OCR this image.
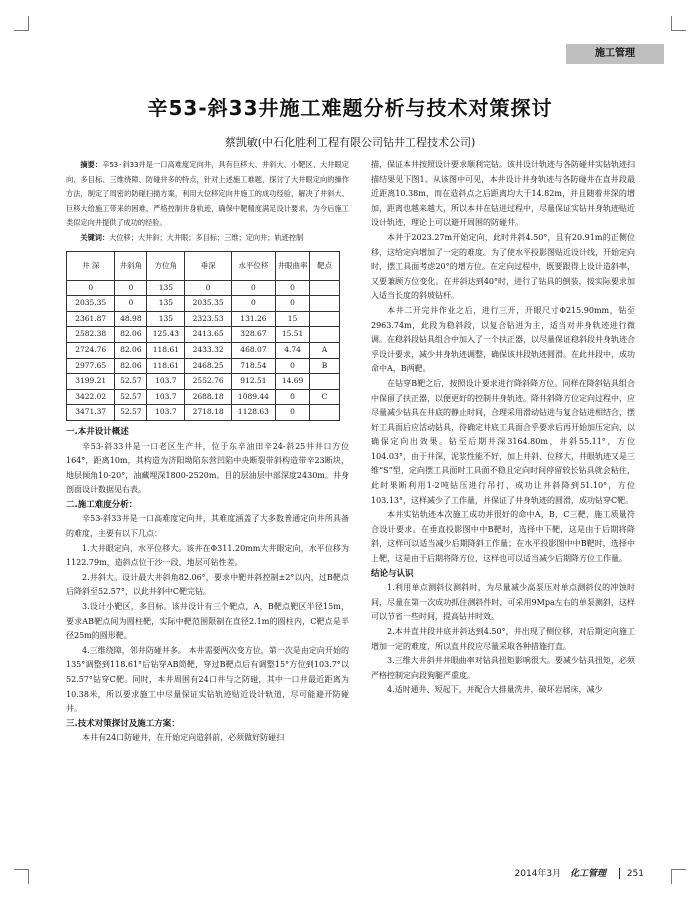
施工管理
辛53-斜33井施工难题分析与技术对策探讨
蔡凯敏(中石化胜利工程有限公司钻井工程技术公司)

摘要：辛53-斜33井是一口高难度定向井，具有巨移大、井斜大、小靶区、大井眼定向、多目标、三维绕障、防碰井多的特点，针对上述施工难题，探讨了大井眼定向的操作方法，制定了周密的防碰扫描方案，利用大位移定向井施工的成功经验，解决了井斜大、巨移大给施工带来的困难，严格控制井身轨迹，确保中靶精度满足设计要求，为今后施工类似定向井提供了成功的经验。

关键词：大位移；大井斜；大井眼；多目标；三维；定向井；轨迹控制

井 深	井斜角	方位角	垂深	水平位移	井眼曲率	靶点
0	0	135	0	0	0	
2035.35	0	135	2035.35	0	0	
2361.87	48.98	135	2323.53	131.26	15	
2582.38	82.06	125.43	2413.65	328.67	15.51	
2724.76	82.06	118.61	2433.32	468.07	4.74	A
2977.65	82.06	118.61	2468.25	718.54	0	B
3199.21	52.57	103.7	2552.76	912.51	14.69	
3422.02	52.57	103.7	2688.18	1089.44	0	C
3471.37	52.57	103.7	2718.18	1128.63	0	

一.本井设计概述

辛53-斜33井是一口老区生产井，位于东辛油田辛24-斜25井井口方位 164°，距离10m，其构造为济阳坳陷东营凹陷中央断裂带斜构造带辛23断块，地层倾角10-20°，油藏埋深1800-2520m。目的层油层中部深度2430m。井身剖面设计数据见右表。

二.施工难度分析：

辛53-斜33井是一口高难度定向井，其难度涵盖了大多数普通定向井所具备的难度，主要有以下几点：

1.大井眼定向，水平位移大。该井在Φ311.20mm大井眼定向，水平位移为1122.79m，造斜点位于沙一段，地层可钻性差。

2.井斜大。设计最大井斜角82.06°，要求中靶井斜控制±2°以内，过B靶点后降斜至52.57°，以此井斜中C靶完钻。

3.设计小靶区，多目标。该井设计有三个靶点，A，B靶点靶区半径15m，要求AB靶点间为圆柱靶，实际中靶范围限制在直径2.1m的圆柱内，C靶点是半径25m的圆形靶。

4.三维绕障，邻井防碰井多。 本井需要两次变方位，第一次是由定向开始的135°调整到118.61°后钻穿AB筒靶，穿过B靶点后有调整15°方位到103.7°以52.57°钻穿C靶。同时，本井周围有24口井与之防碰，其中一口井最近距离为10.38米，所以要求施工中尽量保证实钻轨迹贴近设计轨道，尽可能避开防碰井。

三.技术对策探讨及施工方案：

本井有24口防碰井，在开始定向造斜前，必须做好防碰扫

描，保证本井按照设计要求顺利完钻。该井设计轨迹与各防碰井实钻轨迹扫描结果见下图1。从该图中可见，本井设计井身轨迹与各防碰井在直井段最近距离10.38m，而在造斜点之后距离均大于14.82m，并且随着井深的增加，距离也越来越大，所以本井在钻进过程中，尽量保证实钻井身轨迹贴近设计轨迹，理论上可以避开周围的防碰井。

本井于2023.27m开始定向，此时井斜4.50°，且有20.91m的正侧位移，这给定向增加了一定的难度。为了使水平投影图贴近设计线，开始定向时，摆工具面考虑20°的增方位。在定向过程中，既要跟得上设计造斜率，又要兼顾方位变化。在井斜达到40°时，进行了钻具的倒装，按实际要求加入适当长度的斜坡钻杆。

本井二开完井作业之后，进行三开，开眼尺寸Φ215.90mm，钻至2963.74m，此段为稳斜段，以复合钻进为主，适当对井身轨迹进行微调。在稳斜段钻具组合中加入了一个扶正器，以尽量保证稳斜段井身轨迹合乎设计要求，减少井身轨迹调整，确保该井段轨迹圆滑。在此井段中，成功命中A，B两靶。

在钻穿B靶之后，按照设计要求进行降斜降方位。同样在降斜钻具组合中保留了扶正器，以便更好的控制井身轨迹。降井斜降方位定向过程中，应尽量减少钻具在井底的静止时间，合理采用滑动钻进与复合钻进相结合，摆好工具面后应活动钻具，待确定井底工具面合乎要求后再开始加压定向，以确保定向出效果。钻至后期井深3164.80m，井斜55.11°，方位104.03°，由于井深，泥浆性能不好，加上井斜、位移大，井眼轨迹又是三维“S”型，定向摆工具面时工具面不稳且定向时间停留较长钻具就会粘住，此时果断利用1-2吨钻压进行吊打，成功让井斜降到51.10°，方位103.13°，这样减少了工作量，并保证了井身轨迹的圆滑，成功钻穿C靶。

本井实钻轨迹本次施工成功并很好的命中A，B，C三靶，施工质量符合设计要求。在垂直投影图中中B靶时，选择中下靶，这是由于后期将降斜，这样可以适当减少后期降斜工作量；在水平投影图中中B靶时，选择中上靶，这是由于后期将降方位，这样也可以适当减少后期降方位工作量。

结论与认识

1.利用单点测斜仪测斜时，为尽量减少高泵压对单点测斜仪的冲蚀时间，尽量在第一次成功抓住测斜件时，可采用9Mpa左右的单泵测斜，这样可以节省一些时间，提高钻井时效。

2.本井直井段井底井斜达到4.50°，井出现了侧位移，对后期定向施工增加一定的难度，所以直井段应尽量采取各种措施打直。

3.三维大井斜井井眼曲率对钻具扭矩影响很大。要减少钻具扭矩，必须严格控制定向段狗腿严重度。

4.适时通井、短起下，并配合大排量洗井，破坏岩屑床，减少

2014年3月 化工管理 251
